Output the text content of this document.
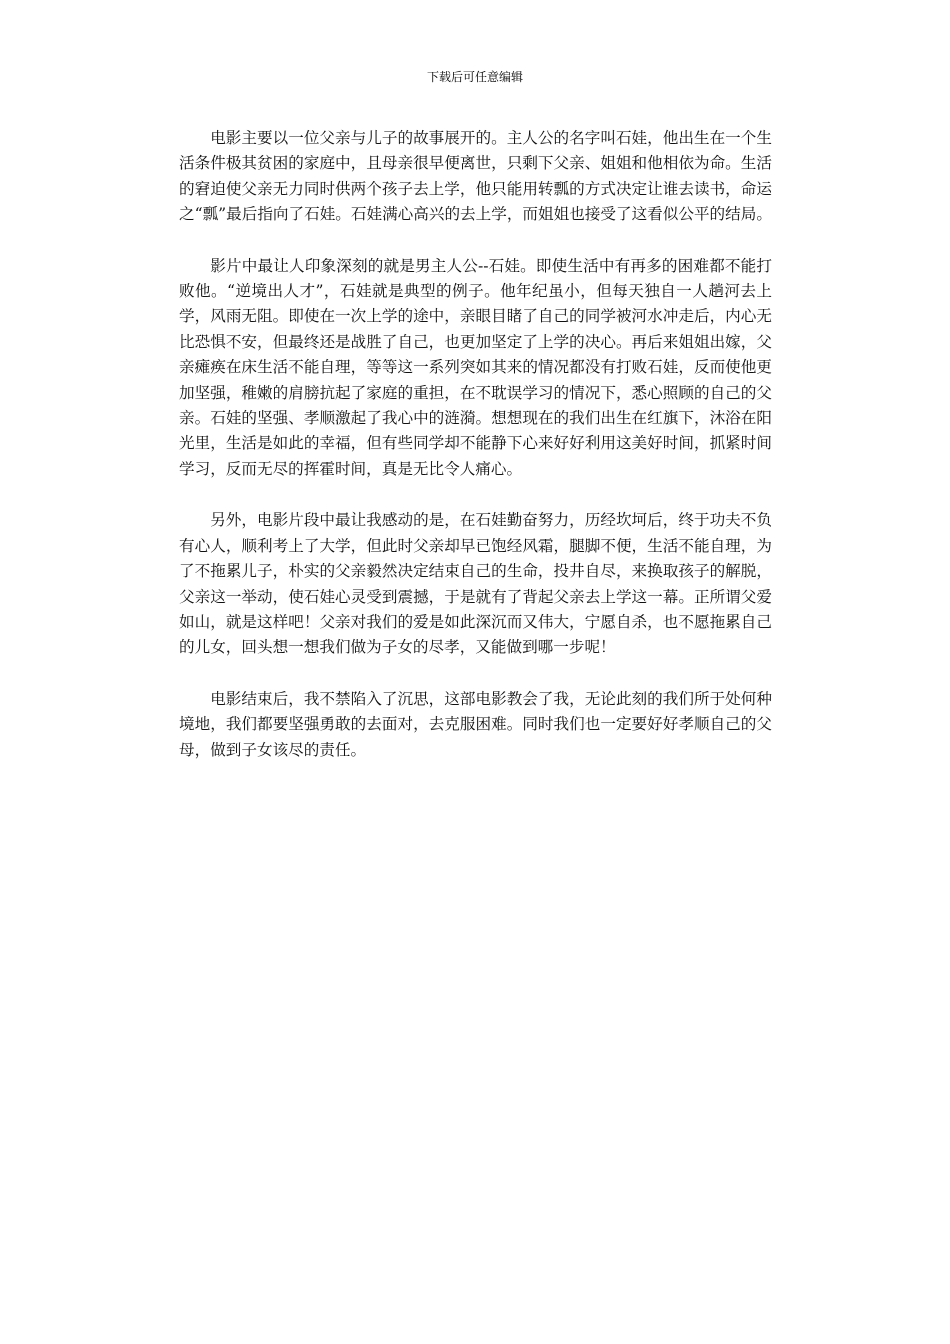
下载后可任意编辑

电影主要以一位父亲与儿子的故事展开的。主人公的名字叫石娃，他出生在一个生活条件极其贫困的家庭中，且母亲很早便离世，只剩下父亲、姐姐和他相依为命。生活的窘迫使父亲无力同时供两个孩子去上学，他只能用转瓢的方式决定让谁去读书，命运之“瓢”最后指向了石娃。石娃满心高兴的去上学，而姐姐也接受了这看似公平的结局。

影片中最让人印象深刻的就是男主人公--石娃。即使生活中有再多的困难都不能打败他。“逆境出人才”，石娃就是典型的例子。他年纪虽小，但每天独自一人趟河去上学，风雨无阻。即使在一次上学的途中，亲眼目睹了自己的同学被河水冲走后，内心无比恐惧不安，但最终还是战胜了自己，也更加坚定了上学的决心。再后来姐姐出嫁，父亲瘫痪在床生活不能自理，等等这一系列突如其来的情况都没有打败石娃，反而使他更加坚强，稚嫩的肩膀抗起了家庭的重担，在不耽误学习的情况下，悉心照顾的自己的父亲。石娃的坚强、孝顺激起了我心中的涟漪。想想现在的我们出生在红旗下，沐浴在阳光里，生活是如此的幸福，但有些同学却不能静下心来好好利用这美好时间，抓紧时间学习，反而无尽的挥霍时间，真是无比令人痛心。

另外，电影片段中最让我感动的是，在石娃勤奋努力，历经坎坷后，终于功夫不负有心人，顺利考上了大学，但此时父亲却早已饱经风霜，腿脚不便，生活不能自理，为了不拖累儿子，朴实的父亲毅然决定结束自己的生命，投井自尽，来换取孩子的解脱，父亲这一举动，使石娃心灵受到震撼，于是就有了背起父亲去上学这一幕。正所谓父爱如山，就是这样吧！父亲对我们的爱是如此深沉而又伟大，宁愿自杀，也不愿拖累自己的儿女，回头想一想我们做为子女的尽孝，又能做到哪一步呢！

电影结束后，我不禁陷入了沉思，这部电影教会了我，无论此刻的我们所于处何种境地，我们都要坚强勇敢的去面对，去克服困难。同时我们也一定要好好孝顺自己的父母，做到子女该尽的责任。
